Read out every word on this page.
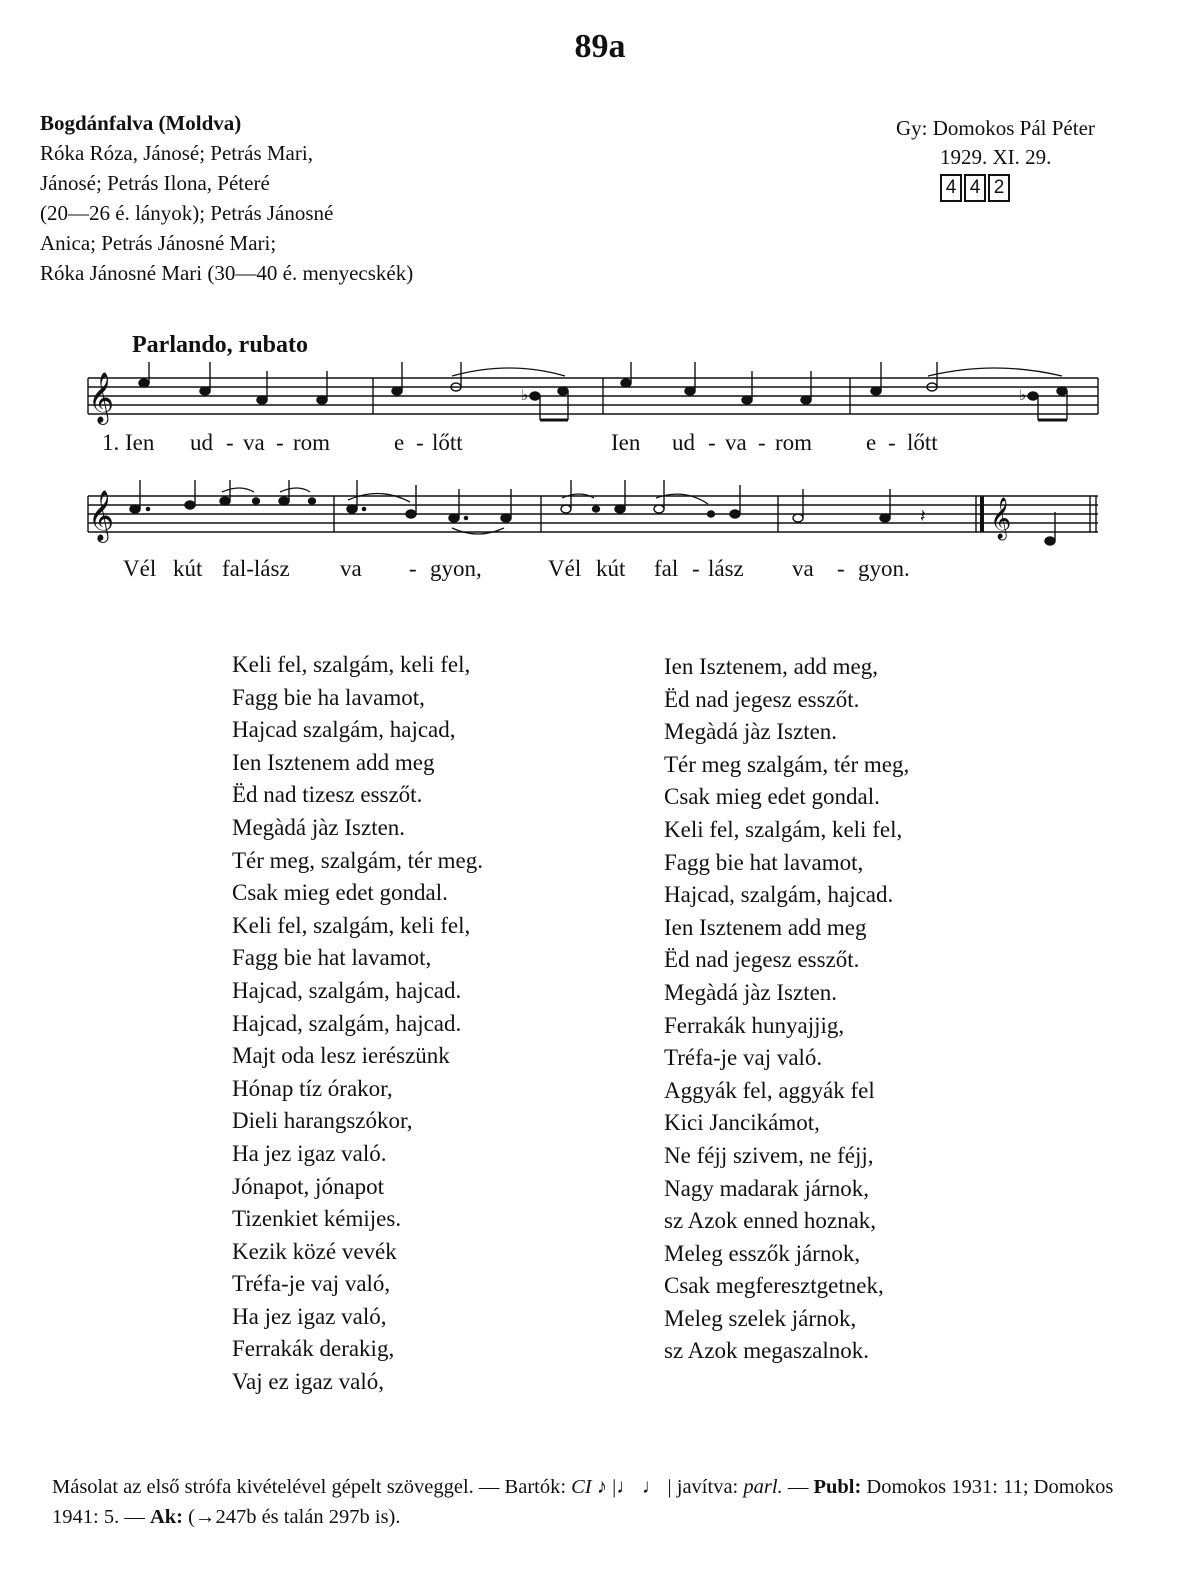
89a
Bogdánfalva (Moldva)
Róka Róza, Jánosé; Petrás Mari,
Jánosé; Petrás Ilona, Péteré
(20—26 é. lányok); Petrás Jánosné
Anica; Petrás Jánosné Mari;
Róka Jánosné Mari (30—40 é. menyecskék)
Gy: Domokos Pál Péter
1929. XI. 29.
4 4 2
Parlando, rubato
𝄞	♭	♭
1. Ien ud - va - rom	e - lőtt	Ien ud - va - rom e - lőtt
𝄞	𝄞
𝄽
Vél kút fal-lász va - gyon,	Vél kút fal - lász va - gyon.
Keli fel, szalgám, keli fel,
Fagg bie ha lavamot,
Hajcad szalgám, hajcad,
Ien Isztenem add meg
Ëd nad tizesz esszőt.
Megàdá jàz Iszten.
Tér meg, szalgám, tér meg.
Csak mieg edet gondal.
Keli fel, szalgám, keli fel,
Fagg bie hat lavamot,
Hajcad, szalgám, hajcad.
Hajcad, szalgám, hajcad.
Majt oda lesz ierészünk
Hónap tíz órakor,
Dieli harangszókor,
Ha jez igaz való.
Jónapot, jónapot
Tizenkiet kémijes.
Kezik közé vevék
Tréfa-je vaj való,
Ha jez igaz való,
Ferrakák derakig,
Vaj ez igaz való,
Ien Isztenem, add meg,
Ëd nad jegesz esszőt.
Megàdá jàz Iszten.
Tér meg szalgám, tér meg,
Csak mieg edet gondal.
Keli fel, szalgám, keli fel,
Fagg bie hat lavamot,
Hajcad, szalgám, hajcad.
Ien Isztenem add meg
Ëd nad jegesz esszőt.
Megàdá jàz Iszten.
Ferrakák hunyajjig,
Tréfa-je vaj való.
Aggyák fel, aggyák fel
Kici Jancikámot,
Ne féjj szivem, ne féjj,
Nagy madarak járnok,
sz Azok enned hoznak,
Meleg esszők járnok,
Csak megferesztgetnek,
Meleg szelek járnok,
sz Azok megaszalnok.
Másolat az első strófa kivételével gépelt szöveggel. — Bartók: CI ♪ |♩ ♩ | javítva: parl. — Publ: Domokos 1931: 11; Domokos 1941: 5. — Ak: (→247b és talán 297b is).
